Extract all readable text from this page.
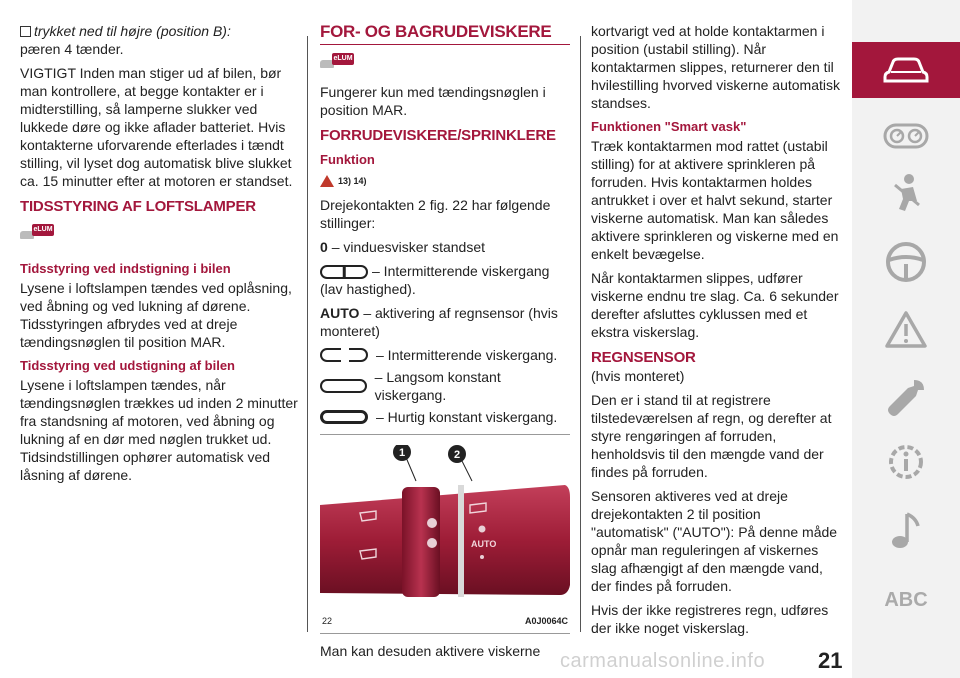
trykket ned til højre (position B):
pæren 4 tænder.

VIGTIGT Inden man stiger ud af bilen, bør man kontrollere, at begge kontakter er i midterstilling, så lamperne slukker ved lukkede døre og ikke aflader batteriet. Hvis kontakterne uforvarende efterlades i tændt stilling, vil lyset dog automatisk blive slukket ca. 15 minutter efter at motoren er standset.

TIDSSTYRING AF LOFTSLAMPER
eLUM
Tidsstyring ved indstigning i bilen

Lysene i loftslampen tændes ved oplåsning, ved åbning og ved lukning af dørene. Tidsstyringen afbrydes ved at dreje tændingsnøglen til position MAR.

Tidsstyring ved udstigning af bilen

Lysene i loftslampen tændes, når tændingsnøglen trækkes ud inden 2 minutter fra standsning af motoren, ved åbning og lukning af en dør med nøglen trukket ud. Tidsindstillingen ophører automatisk ved låsning af dørene.

FOR- OG BAGRUDEVISKERE
eLUM

Fungerer kun med tændingsnøglen i position MAR.

FORRUDEVISKERE/SPRINKLERE
Funktion
13) 14)

Drejekontakten 2 fig. 22 har følgende stillinger:

0 – vinduesvisker standset

– Intermitterende viskergang (lav hastighed).

AUTO – aktivering af regnsensor (hvis monteret)

– Intermitterende viskergang.
– Langsom konstant viskergang.
– Hurtig konstant viskergang.
AUTO
1	2
22	A0J0064C

Man kan desuden aktivere viskerne

kortvarigt ved at holde kontaktarmen i position (ustabil stilling). Når kontaktarmen slippes, returnerer den til hvilestilling hvorved viskerne automatisk standses.

Funktionen "Smart vask"

Træk kontaktarmen mod rattet (ustabil stilling) for at aktivere sprinkleren på forruden. Hvis kontaktarmen holdes antrukket i over et halvt sekund, starter viskerne automatisk. Man kan således aktivere sprinkleren og viskerne med en enkelt bevægelse.

Når kontaktarmen slippes, udfører viskerne endnu tre slag. Ca. 6 sekunder derefter afsluttes cyklussen med et ekstra viskerslag.

REGNSENSOR

(hvis monteret)

Den er i stand til at registrere tilstedeværelsen af regn, og derefter at styre rengøringen af forruden, henholdsvis til den mængde vand der findes på forruden.

Sensoren aktiveres ved at dreje drejekontakten 2 til position "automatisk" ("AUTO"): På denne måde opnår man reguleringen af viskernes slag afhængigt af den mængde vand, der findes på forruden.

Hvis der ikke registreres regn, udføres der ikke noget viskerslag.

ABC
carmanualsonline.info 21
